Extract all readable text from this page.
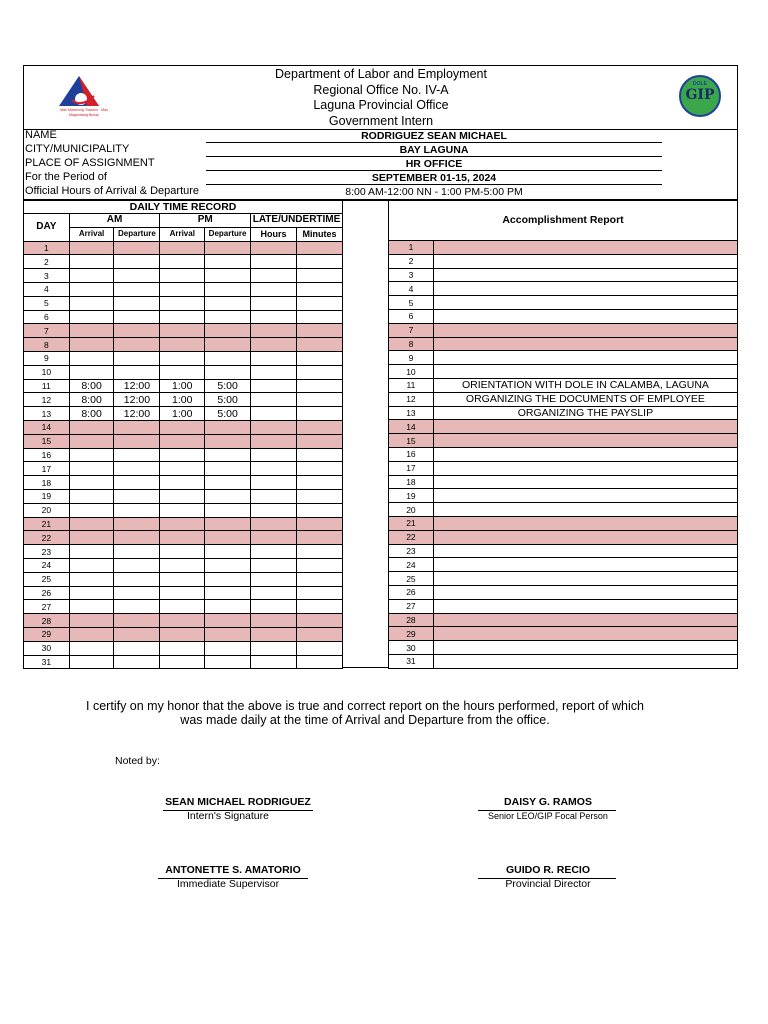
Mas Maraming Trabaho · Mas Magandang Buhay
Department of Labor and Employment
Regional Office No. IV-A
Laguna Provincial Office
Government Intern
DOLE
GIP
NAME	RODRIGUEZ SEAN MICHAEL
CITY/MUNICIPALITY	BAY LAGUNA
PLACE OF ASSIGNMENT	HR OFFICE
For the Period of	SEPTEMBER 01-15, 2024
Official Hours of Arrival & Departure	8:00 AM-12:00 NN - 1:00 PM-5:00 PM
DAILY TIME RECORD						
DAY	AM		PM		LATE/UNDERTIME	
	Arrival	Departure	Arrival	Departure	Hours	Minutes
1						
2						
3						
4						
5						
6						
7						
8						
9						
10						
11	8:00	12:00	1:00	5:00		
12	8:00	12:00	1:00	5:00		
13	8:00	12:00	1:00	5:00		
14						
15						
16						
17						
18						
19						
20						
21						
22						
23						
24						
25						
26						
27						
28						
29						
30						
31						
Accomplishment Report	
1	
2	
3	
4	
5	
6	
7	
8	
9	
10	
11	ORIENTATION WITH DOLE IN CALAMBA, LAGUNA
12	ORGANIZING THE DOCUMENTS OF EMPLOYEE
13	ORGANIZING THE PAYSLIP
14	
15	
16	
17	
18	
19	
20	
21	
22	
23	
24	
25	
26	
27	
28	
29	
30	
31	
I certify on my honor that the above is true and correct report on the hours performed, report of which
was made daily at the time of Arrival and Departure from the office.
Noted by:
SEAN MICHAEL RODRIGUEZ
Intern's Signature
DAISY G. RAMOS
Senior LEO/GIP Focal Person
ANTONETTE S. AMATORIO
Immediate Supervisor
GUIDO R. RECIO
Provincial Director
